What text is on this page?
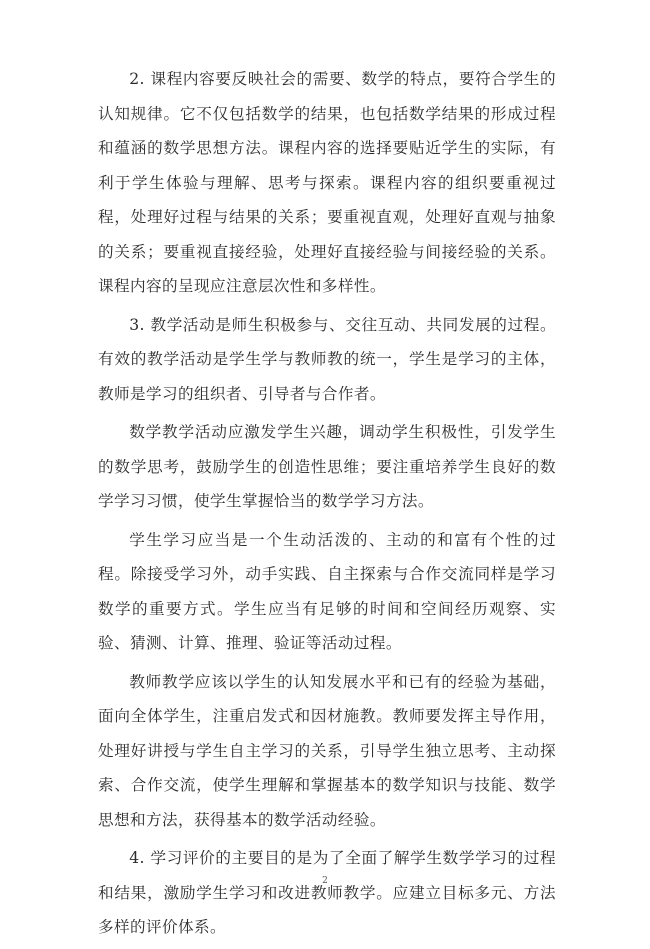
2. 课程内容要反映社会的需要、数学的特点，要符合学生的认知规律。它不仅包括数学的结果，也包括数学结果的形成过程和蕴涵的数学思想方法。课程内容的选择要贴近学生的实际，有利于学生体验与理解、思考与探索。课程内容的组织要重视过程，处理好过程与结果的关系；要重视直观，处理好直观与抽象的关系；要重视直接经验，处理好直接经验与间接经验的关系。课程内容的呈现应注意层次性和多样性。

3. 教学活动是师生积极参与、交往互动、共同发展的过程。有效的教学活动是学生学与教师教的统一，学生是学习的主体，教师是学习的组织者、引导者与合作者。

数学教学活动应激发学生兴趣，调动学生积极性，引发学生的数学思考，鼓励学生的创造性思维；要注重培养学生良好的数学学习习惯，使学生掌握恰当的数学学习方法。

学生学习应当是一个生动活泼的、主动的和富有个性的过程。除接受学习外，动手实践、自主探索与合作交流同样是学习数学的重要方式。学生应当有足够的时间和空间经历观察、实验、猜测、计算、推理、验证等活动过程。

教师教学应该以学生的认知发展水平和已有的经验为基础，面向全体学生，注重启发式和因材施教。教师要发挥主导作用，处理好讲授与学生自主学习的关系，引导学生独立思考、主动探索、合作交流，使学生理解和掌握基本的数学知识与技能、数学思想和方法，获得基本的数学活动经验。

4. 学习评价的主要目的是为了全面了解学生数学学习的过程和结果，激励学生学习和改进教师教学。应建立目标多元、方法多样的评价体系。

2
